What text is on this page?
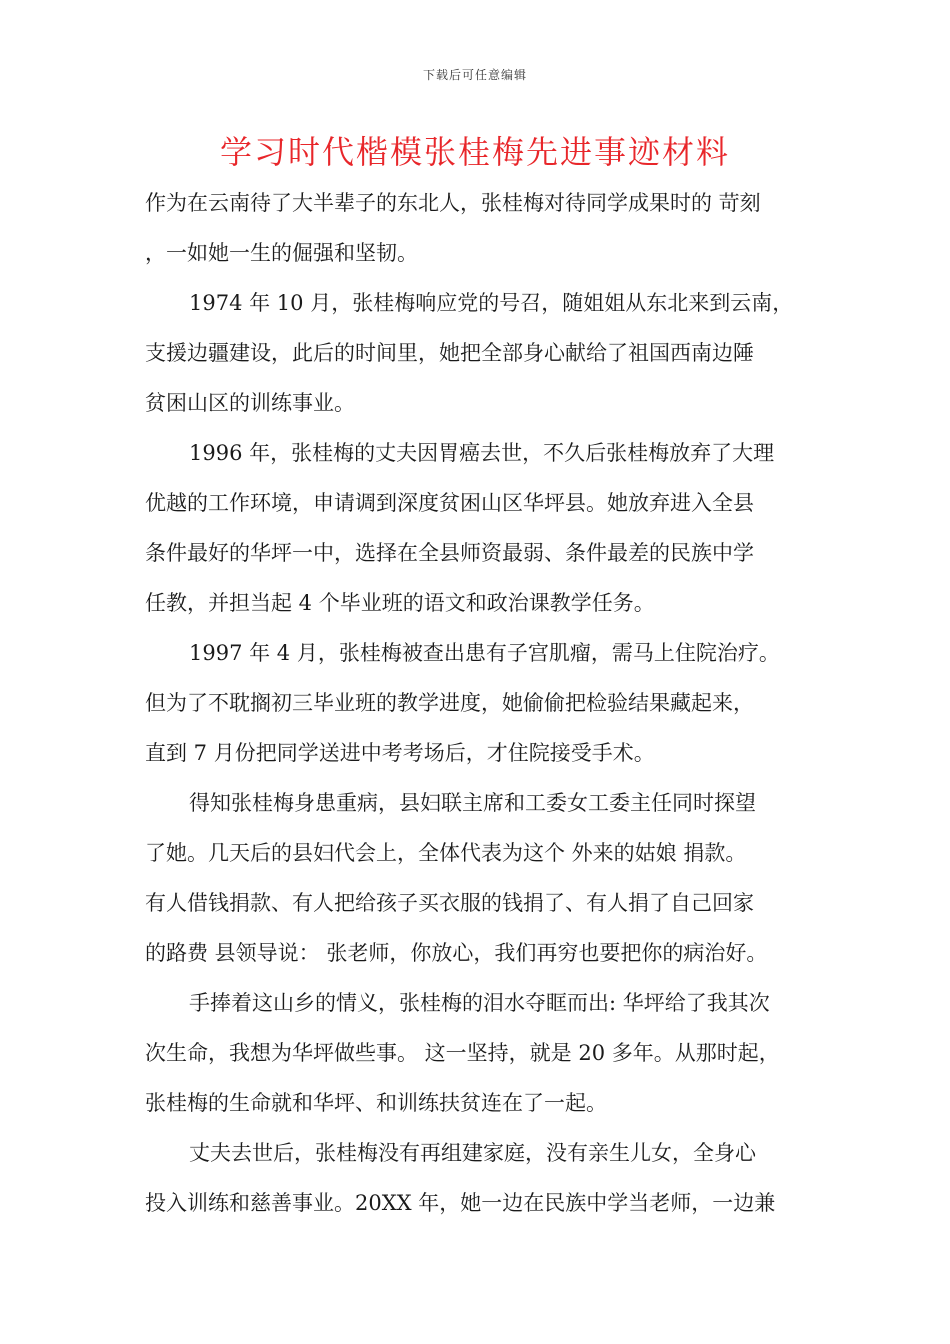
下载后可任意编辑
学习时代楷模张桂梅先进事迹材料
作为在云南待了大半辈子的东北人，张桂梅对待同学成果时的 苛刻
，一如她一生的倔强和坚韧。
1974 年 10 月，张桂梅响应党的号召，随姐姐从东北来到云南，
支援边疆建设，此后的时间里，她把全部身心献给了祖国西南边陲
贫困山区的训练事业。
1996 年，张桂梅的丈夫因胃癌去世，不久后张桂梅放弃了大理
优越的工作环境，申请调到深度贫困山区华坪县。她放弃进入全县
条件最好的华坪一中，选择在全县师资最弱、条件最差的民族中学
任教，并担当起 4 个毕业班的语文和政治课教学任务。
1997 年 4 月，张桂梅被查出患有子宫肌瘤，需马上住院治疗。
但为了不耽搁初三毕业班的教学进度，她偷偷把检验结果藏起来，
直到 7 月份把同学送进中考考场后，才住院接受手术。
得知张桂梅身患重病，县妇联主席和工委女工委主任同时探望
了她。几天后的县妇代会上，全体代表为这个 外来的姑娘 捐款。
有人借钱捐款、有人把给孩子买衣服的钱捐了、有人捐了自己回家
的路费 县领导说： 张老师，你放心，我们再穷也要把你的病治好。
手捧着这山乡的情义，张桂梅的泪水夺眶而出: 华坪给了我其次
次生命，我想为华坪做些事。 这一坚持，就是 20 多年。从那时起，
张桂梅的生命就和华坪、和训练扶贫连在了一起。
丈夫去世后，张桂梅没有再组建家庭，没有亲生儿女，全身心
投入训练和慈善事业。20XX 年，她一边在民族中学当老师，一边兼
